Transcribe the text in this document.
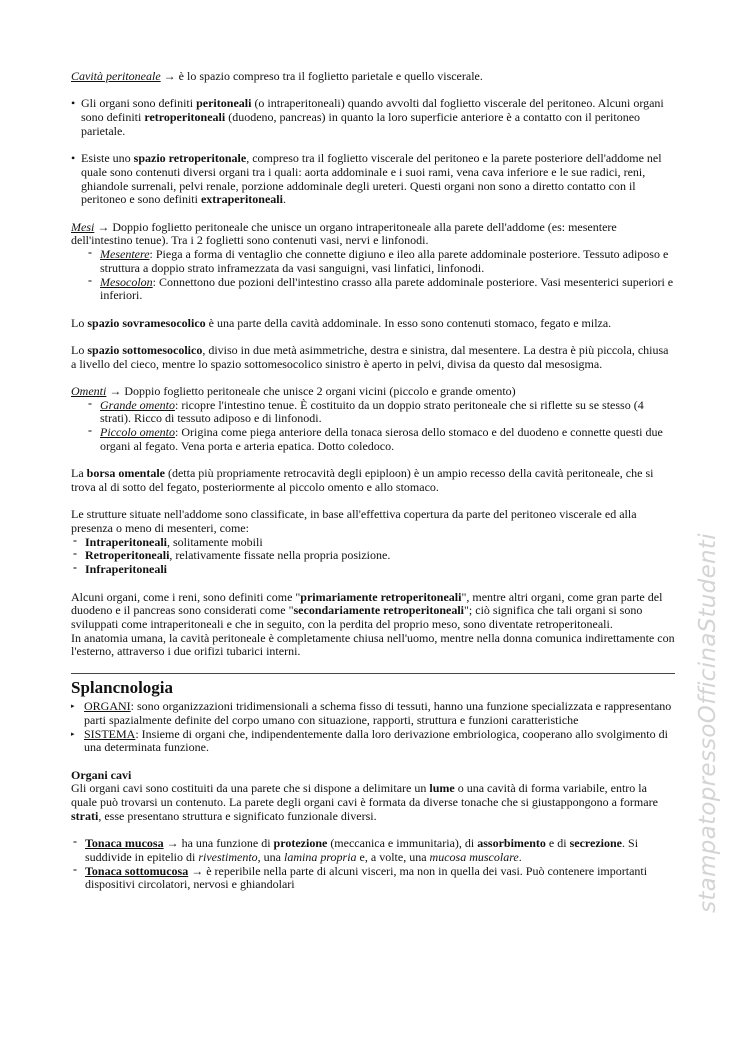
stampatopressoOfficinaStudenti
Cavità peritoneale → è lo spazio compreso tra il foglietto parietale e quello viscerale.
• Gli organi sono definiti peritoneali (o intraperitoneali) quando avvolti dal foglietto viscerale del peritoneo. Alcuni organi sono definiti retroperitoneali (duodeno, pancreas) in quanto la loro superficie anteriore è a contatto con il peritoneo parietale.
• Esiste uno spazio retroperitonale, compreso tra il foglietto viscerale del peritoneo e la parete posteriore dell'addome nel quale sono contenuti diversi organi tra i quali: aorta addominale e i suoi rami, vena cava inferiore e le sue radici, reni, ghiandole surrenali, pelvi renale, porzione addominale degli ureteri. Questi organi non sono a diretto contatto con il peritoneo e sono definiti extraperitoneali.
Mesi → Doppio foglietto peritoneale che unisce un organo intraperitoneale alla parete dell'addome (es: mesentere dell'intestino tenue). Tra i 2 foglietti sono contenuti vasi, nervi e linfonodi.
- Mesentere: Piega a forma di ventaglio che connette digiuno e ileo alla parete addominale posteriore. Tessuto adiposo e struttura a doppio strato inframezzata da vasi sanguigni, vasi linfatici, linfonodi.
- Mesocolon: Connettono due pozioni dell'intestino crasso alla parete addominale posteriore. Vasi mesenterici superiori e inferiori.
Lo spazio sovramesocolico è una parte della cavità addominale. In esso sono contenuti stomaco, fegato e milza.
Lo spazio sottomesocolico, diviso in due metà asimmetriche, destra e sinistra, dal mesentere. La destra è più piccola, chiusa a livello del cieco, mentre lo spazio sottomesocolico sinistro è aperto in pelvi, divisa da questo dal mesosigma.
Omenti → Doppio foglietto peritoneale che unisce 2 organi vicini (piccolo e grande omento)
- Grande omento: ricopre l'intestino tenue. È costituito da un doppio strato peritoneale che si riflette su se stesso (4 strati). Ricco di tessuto adiposo e di linfonodi.
- Piccolo omento: Origina come piega anteriore della tonaca sierosa dello stomaco e del duodeno e connette questi due organi al fegato. Vena porta e arteria epatica. Dotto coledoco.
La borsa omentale (detta più propriamente retrocavità degli epiploon) è un ampio recesso della cavità peritoneale, che si trova al di sotto del fegato, posteriormente al piccolo omento e allo stomaco.
Le strutture situate nell'addome sono classificate, in base all'effettiva copertura da parte del peritoneo viscerale ed alla presenza o meno di mesenteri, come:
- Intraperitoneali, solitamente mobili
- Retroperitoneali, relativamente fissate nella propria posizione.
- Infraperitoneali
Alcuni organi, come i reni, sono definiti come "primariamente retroperitoneali", mentre altri organi, come gran parte del duodeno e il pancreas sono considerati come "secondariamente retroperitoneali"; ciò significa che tali organi si sono sviluppati come intraperitoneali e che in seguito, con la perdita del proprio meso, sono diventate retroperitoneali.
In anatomia umana, la cavità peritoneale è completamente chiusa nell'uomo, mentre nella donna comunica indirettamente con l'esterno, attraverso i due orifizi tubarici interni.
Splancnologia
▸ ORGANI: sono organizzazioni tridimensionali a schema fisso di tessuti, hanno una funzione specializzata e rappresentano parti spazialmente definite del corpo umano con situazione, rapporti, struttura e funzioni caratteristiche
▸ SISTEMA: Insieme di organi che, indipendentemente dalla loro derivazione embriologica, cooperano allo svolgimento di una determinata funzione.
Organi cavi
Gli organi cavi sono costituiti da una parete che si dispone a delimitare un lume o una cavità di forma variabile, entro la quale può trovarsi un contenuto. La parete degli organi cavi è formata da diverse tonache che si giustappongono a formare strati, esse presentano struttura e significato funzionale diversi.
- Tonaca mucosa → ha una funzione di protezione (meccanica e immunitaria), di assorbimento e di secrezione. Si suddivide in epitelio di rivestimento, una lamina propria e, a volte, una mucosa muscolare.
- Tonaca sottomucosa → è reperibile nella parte di alcuni visceri, ma non in quella dei vasi. Può contenere importanti dispositivi circolatori, nervosi e ghiandolari
